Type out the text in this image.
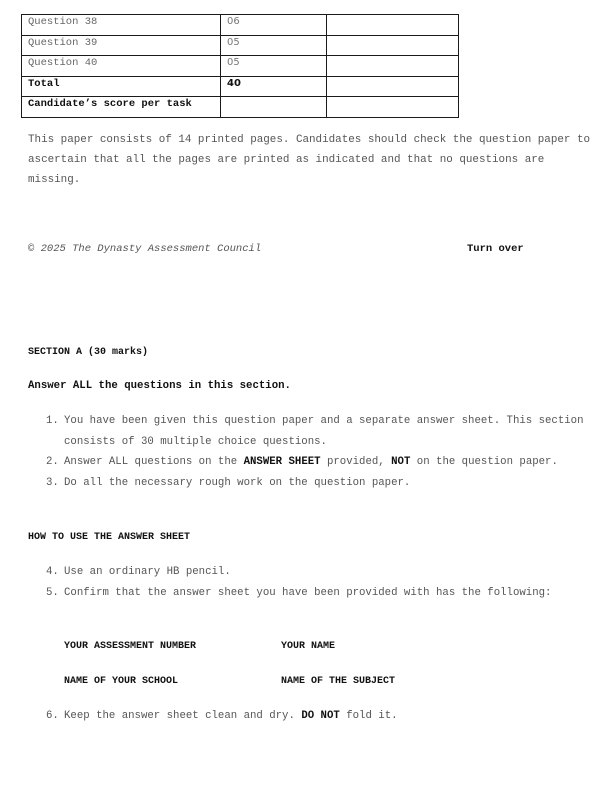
Question 38	06	
Question 39	05	
Question 40	05	
Total	40	
Candidate’s score per task		
This paper consists of 14 printed pages. Candidates should check the question paper to ascertain that all the pages are printed as indicated and that no questions are missing.
© 2025 The Dynasty Assessment Council	Turn over
SECTION A (30 marks)
Answer ALL the questions in this section.
1. You have been given this question paper and a separate answer sheet. This section consists of 30 multiple choice questions.
2. Answer ALL questions on the ANSWER SHEET provided, NOT on the question paper.
3. Do all the necessary rough work on the question paper.
HOW TO USE THE ANSWER SHEET
4. Use an ordinary HB pencil.
5. Confirm that the answer sheet you have been provided with has the following:
YOUR ASSESSMENT NUMBER	YOUR NAME
NAME OF YOUR SCHOOL	NAME OF THE SUBJECT
6. Keep the answer sheet clean and dry. DO NOT fold it.
